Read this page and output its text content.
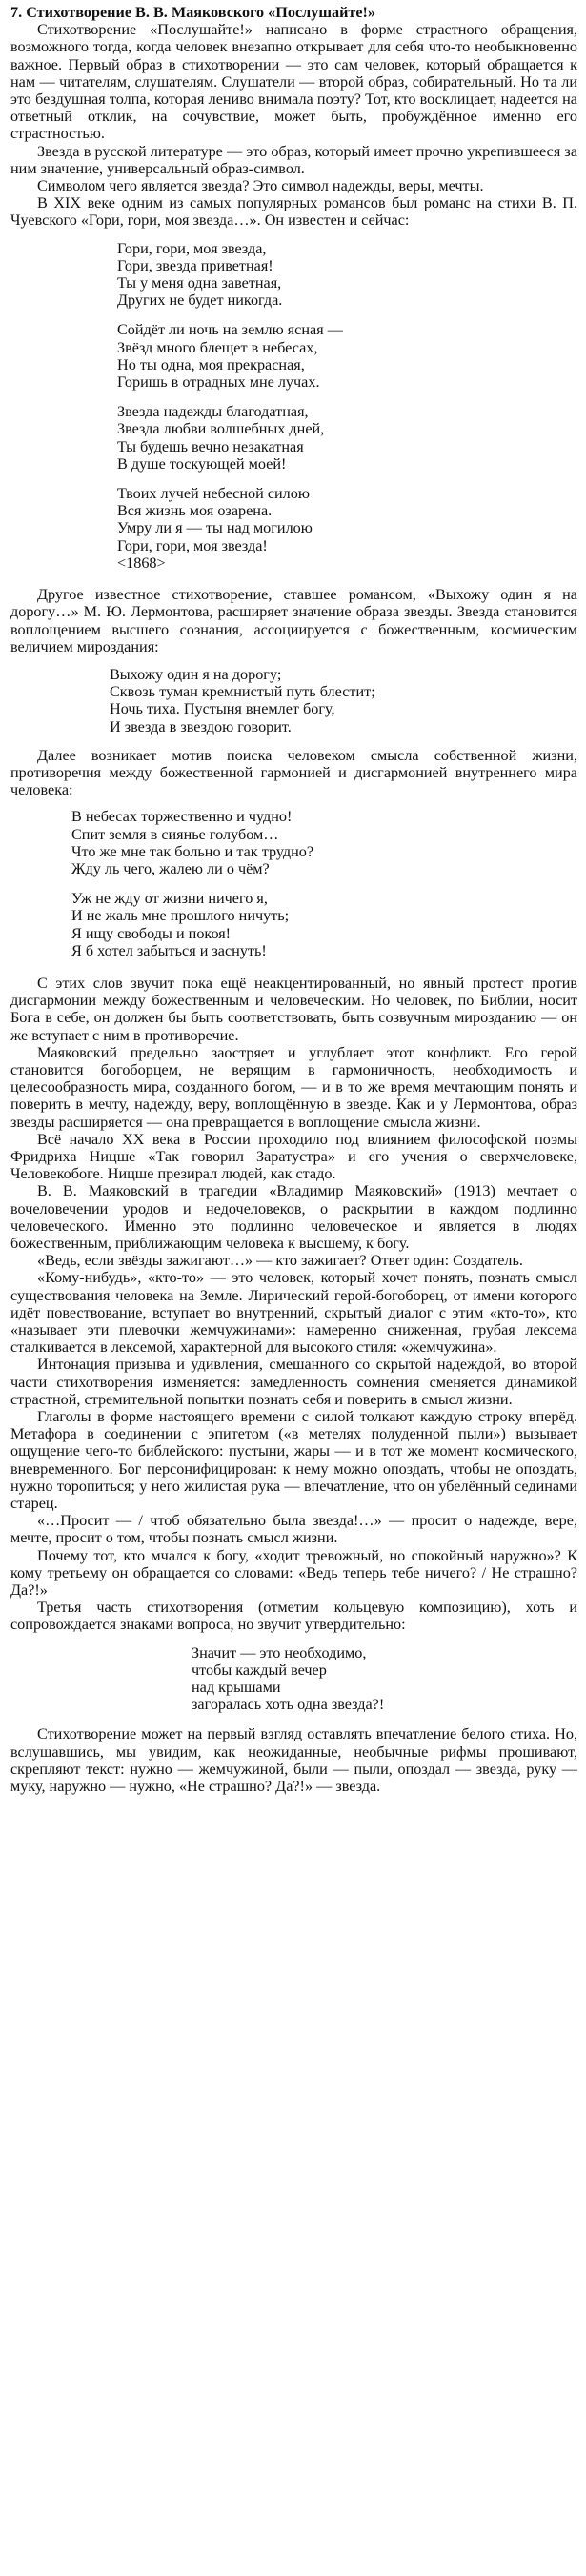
7. Стихотворение В. В. Маяковского «Послушайте!»

Стихотворение «Послушайте!» написано в форме страстного обращения, возможного тогда, когда человек внезапно открывает для себя что-то необыкновенно важное. Первый образ в стихотворении — это сам человек, который обращается к нам — читателям, слушателям. Слушатели — второй образ, собирательный. Но та ли это бездушная толпа, которая лениво внимала поэту? Тот, кто восклицает, надеется на ответный отклик, на сочувствие, может быть, пробуждённое именно его страстностью.

Звезда в русской литературе — это образ, который имеет прочно укрепившееся за ним значение, универсальный образ-символ.

Символом чего является звезда? Это символ надежды, веры, мечты.

В XIX веке одним из самых популярных романсов был романс на стихи В. П. Чуевского «Гори, гори, моя звезда…». Он известен и сейчас:

Гори, гори, моя звезда,
Гори, звезда приветная!
Ты у меня одна заветная,
Других не будет никогда.
Сойдёт ли ночь на землю ясная —
Звёзд много блещет в небесах,
Но ты одна, моя прекрасная,
Горишь в отрадных мне лучах.
Звезда надежды благодатная,
Звезда любви волшебных дней,
Ты будешь вечно незакатная
В душе тоскующей моей!
Твоих лучей небесной силою
Вся жизнь моя озарена.
Умру ли я — ты над могилою
Гори, гори, моя звезда!
<1868>

Другое известное стихотворение, ставшее романсом, «Выхожу один я на дорогу…» М. Ю. Лермонтова, расширяет значение образа звезды. Звезда становится воплощением высшего сознания, ассоциируется с божественным, космическим величием мироздания:

Выхожу один я на дорогу;
Сквозь туман кремнистый путь блестит;
Ночь тиха. Пустыня внемлет богу,
И звезда в звездою говорит.

Далее возникает мотив поиска человеком смысла собственной жизни, противоречия между божественной гармонией и дисгармонией внутреннего мира человека:

В небесах торжественно и чудно!
Спит земля в сиянье голубом…
Что же мне так больно и так трудно?
Жду ль чего, жалею ли о чём?
Уж не жду от жизни ничего я,
И не жаль мне прошлого ничуть;
Я ищу свободы и покоя!
Я б хотел забыться и заснуть!

С этих слов звучит пока ещё неакцентированный, но явный протест против дисгармонии между божественным и человеческим. Но человек, по Библии, носит Бога в себе, он должен бы быть соответствовать, быть созвучным мирозданию — он же вступает с ним в противоречие.

Маяковский предельно заостряет и углубляет этот конфликт. Его герой становится богоборцем, не верящим в гармоничность, необходимость и целесообразность мира, созданного богом, — и в то же время мечтающим понять и поверить в мечту, надежду, веру, воплощённую в звезде. Как и у Лермонтова, образ звезды расширяется — она превращается в воплощение смысла жизни.

Всё начало XX века в России проходило под влиянием философской поэмы Фридриха Ницше «Так говорил Заратустра» и его учения о сверхчеловеке, Человекобоге. Ницше презирал людей, как стадо.

В. В. Маяковский в трагедии «Владимир Маяковский» (1913) мечтает о вочеловечении уродов и недочеловеков, о раскрытии в каждом подлинно человеческого. Именно это подлинно человеческое и является в людях божественным, приближающим человека к высшему, к богу.

«Ведь, если звёзды зажигают…» — кто зажигает? Ответ один: Создатель.

«Кому-нибудь», «кто-то» — это человек, который хочет понять, познать смысл существования человека на Земле. Лирический герой-богоборец, от имени которого идёт повествование, вступает во внутренний, скрытый диалог с этим «кто-то», кто «называет эти плевочки жемчужинами»: намеренно сниженная, грубая лексема сталкивается в лексемой, характерной для высокого стиля: «жемчужина».

Интонация призыва и удивления, смешанного со скрытой надеждой, во второй части стихотворения изменяется: замедленность сомнения сменяется динамикой страстной, стремительной попытки познать себя и поверить в смысл жизни.

Глаголы в форме настоящего времени с силой толкают каждую строку вперёд. Метафора в соединении с эпитетом («в метелях полуденной пыли») вызывает ощущение чего-то библейского: пустыни, жары — и в тот же момент космического, вневременного. Бог персонифицирован: к нему можно опоздать, чтобы не опоздать, нужно торопиться; у него жилистая рука — впечатление, что он убелённый сединами старец.

«…Просит — / чтоб обязательно была звезда!…» — просит о надежде, вере, мечте, просит о том, чтобы познать смысл жизни.

Почему тот, кто мчался к богу, «ходит тревожный, но спокойный наружно»? К кому третьему он обращается со словами: «Ведь теперь тебе ничего? / Не страшно? Да?!»

Третья часть стихотворения (отметим кольцевую композицию), хоть и сопровождается знаками вопроса, но звучит утвердительно:

Значит — это необходимо,
чтобы каждый вечер
над крышами
загоралась хоть одна звезда?!

Стихотворение может на первый взгляд оставлять впечатление белого стиха. Но, вслушавшись, мы увидим, как неожиданные, необычные рифмы прошивают, скрепляют текст: нужно — жемчужиной, были — пыли, опоздал — звезда, руку — муку, наружно — нужно, «Не страшно? Да?!» — звезда.
